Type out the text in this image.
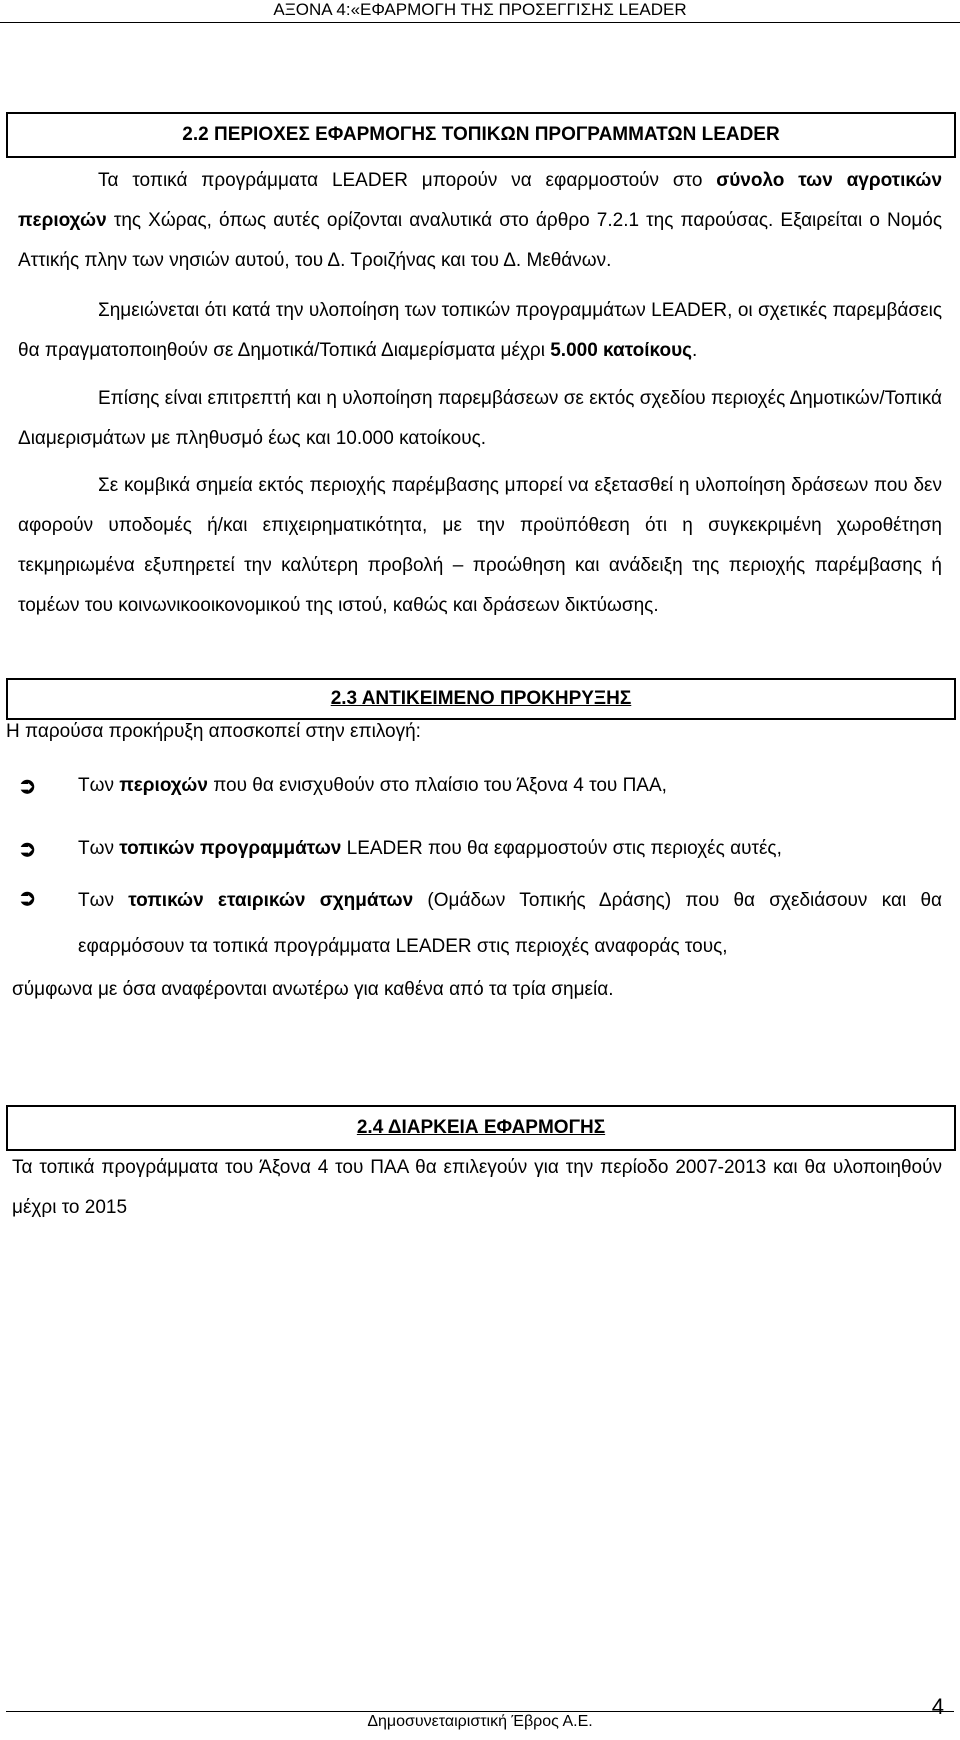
ΑΞΟΝΑ 4:«ΕΦΑΡΜΟΓΗ ΤΗΣ ΠΡΟΣΕΓΓΙΣΗΣ LEADER
2.2 ΠΕΡΙΟΧΕΣ ΕΦΑΡΜΟΓΗΣ ΤΟΠΙΚΩΝ ΠΡΟΓΡΑΜΜΑΤΩΝ LEADER
Τα τοπικά προγράμματα LEADER μπορούν να εφαρμοστούν στο σύνολο των αγροτικών περιοχών της Χώρας, όπως αυτές ορίζονται αναλυτικά στο άρθρο 7.2.1 της παρούσας. Εξαιρείται ο Νομός Αττικής πλην των νησιών αυτού, του Δ. Τροιζήνας και του Δ. Μεθάνων.
Σημειώνεται ότι κατά την υλοποίηση των τοπικών προγραμμάτων LEADER, οι σχετικές παρεμβάσεις θα πραγματοποιηθούν σε Δημοτικά/Τοπικά Διαμερίσματα μέχρι 5.000 κατοίκους.
Επίσης είναι επιτρεπτή και η υλοποίηση παρεμβάσεων σε εκτός σχεδίου περιοχές Δημοτικών/Τοπικά Διαμερισμάτων με πληθυσμό έως και 10.000 κατοίκους.
Σε κομβικά σημεία εκτός περιοχής παρέμβασης μπορεί να εξετασθεί η υλοποίηση δράσεων που δεν αφορούν υποδομές ή/και επιχειρηματικότητα, με την προϋπόθεση ότι η συγκεκριμένη χωροθέτηση τεκμηριωμένα εξυπηρετεί την καλύτερη προβολή – προώθηση και ανάδειξη της περιοχής παρέμβασης ή τομέων του κοινωνικοοικονομικού της ιστού, καθώς και δράσεων δικτύωσης.
2.3 ΑΝΤΙΚΕΙΜΕΝΟ ΠΡΟΚΗΡΥΞΗΣ
Η παρούσα προκήρυξη αποσκοπεί στην επιλογή:
➲	Των περιοχών που θα ενισχυθούν στο πλαίσιο του Άξονα 4 του ΠΑΑ,
➲	Των τοπικών προγραμμάτων LEADER που θα εφαρμοστούν στις περιοχές αυτές,
➲	Των τοπικών εταιρικών σχημάτων (Ομάδων Τοπικής Δράσης) που θα σχεδιάσουν και θα εφαρμόσουν τα τοπικά προγράμματα LEADER στις περιοχές αναφοράς τους,
σύμφωνα με όσα αναφέρονται ανωτέρω για καθένα από τα τρία σημεία.
2.4 ΔΙΑΡΚΕΙΑ ΕΦΑΡΜΟΓΗΣ
Τα τοπικά προγράμματα του Άξονα 4 του ΠΑΑ θα επιλεγούν για την περίοδο 2007-2013 και θα υλοποιηθούν μέχρι το 2015
Δημοσυνεταιριστική Έβρος Α.Ε.
4
